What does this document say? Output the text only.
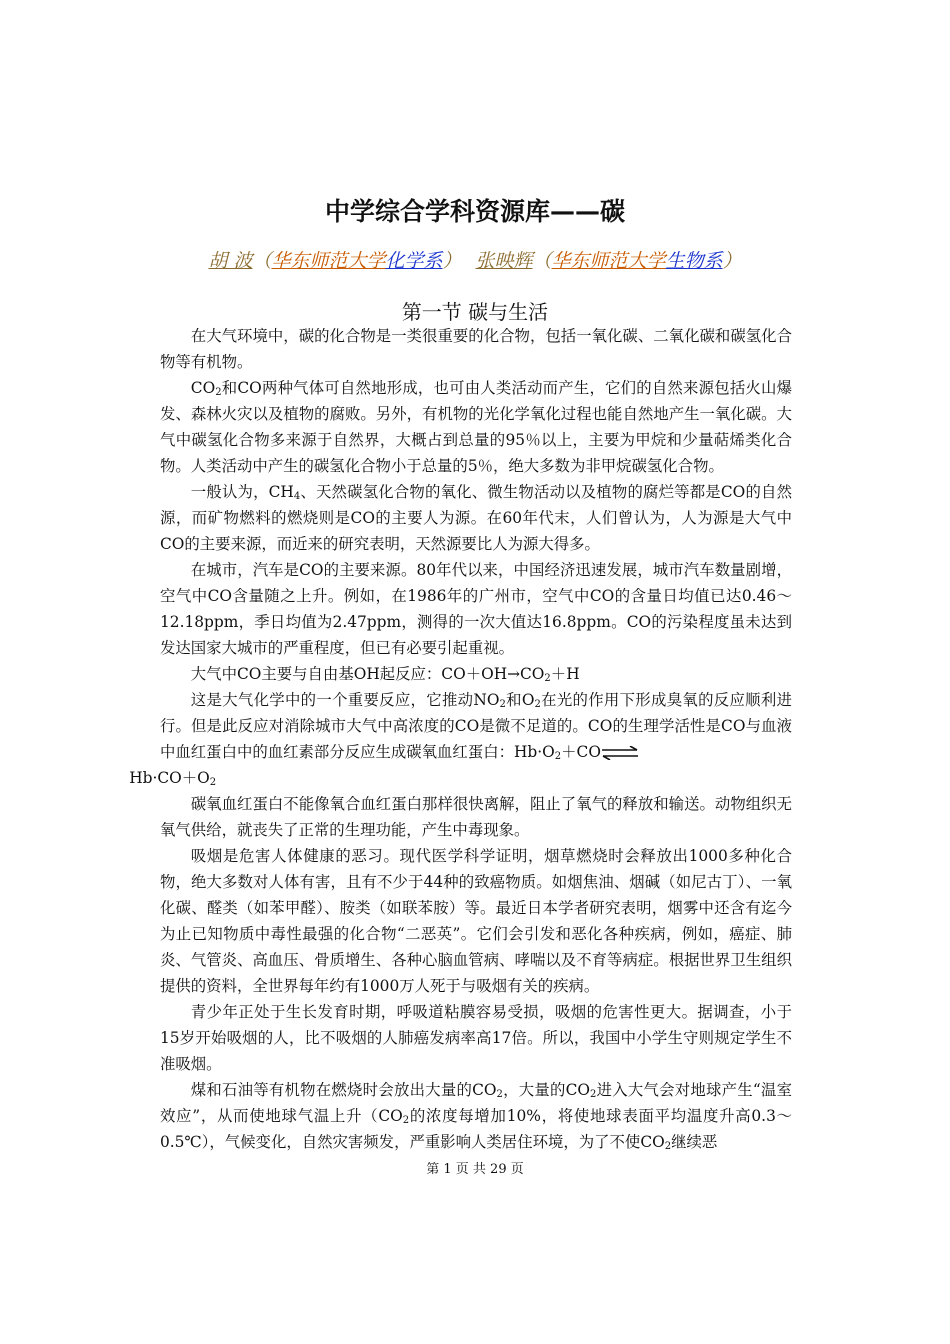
中学综合学科资源库——碳
胡 波（华东师范大学化学系） 张映辉（华东师范大学生物系）
第一节 碳与生活

在大气环境中，碳的化合物是一类很重要的化合物，包括一氧化碳、二氧化碳和碳氢化合物等有机物。

$CO_2$和CO两种气体可自然地形成，也可由人类活动而产生，它们的自然来源包括火山爆发、森林火灾以及植物的腐败。另外，有机物的光化学氧化过程也能自然地产生一氧化碳。大气中碳氢化合物多来源于自然界，大概占到总量的95％以上，主要为甲烷和少量萜烯类化合物。人类活动中产生的碳氢化合物小于总量的5％，绝大多数为非甲烷碳氢化合物。

一般认为，$CH_4$、天然碳氢化合物的氧化、微生物活动以及植物的腐烂等都是CO的自然源，而矿物燃料的燃烧则是CO的主要人为源。在60年代末，人们曾认为，人为源是大气中CO的主要来源，而近来的研究表明，天然源要比人为源大得多。

在城市，汽车是CO的主要来源。80年代以来，中国经济迅速发展，城市汽车数量剧增，空气中CO含量随之上升。例如，在1986年的广州市，空气中CO的含量日均值已达0.46～12.18ppm，季日均值为2.47ppm，测得的一次大值达16.8ppm。CO的污染程度虽未达到发达国家大城市的严重程度，但已有必要引起重视。

大气中CO主要与自由基OH起反应：$CO+OH\to CO_2+H$

这是大气化学中的一个重要反应，它推动$NO_2$和$O_2$在光的作用下形成臭氧的反应顺利进行。但是此反应对消除城市大气中高浓度的CO是微不足道的。CO的生理学活性是CO与血液中血红蛋白中的血红素部分反应生成碳氧血红蛋白：$Hb\cdot O_2+CO\rightleftharpoons$
$Hb\cdot CO+O_2$

碳氧血红蛋白不能像氧合血红蛋白那样很快离解，阻止了氧气的释放和输送。动物组织无氧气供给，就丧失了正常的生理功能，产生中毒现象。

吸烟是危害人体健康的恶习。现代医学科学证明，烟草燃烧时会释放出1000多种化合物，绝大多数对人体有害，且有不少于44种的致癌物质。如烟焦油、烟碱（如尼古丁）、一氧化碳、醛类（如苯甲醛）、胺类（如联苯胺）等。最近日本学者研究表明，烟雾中还含有迄今为止已知物质中毒性最强的化合物“二恶英”。它们会引发和恶化各种疾病，例如，癌症、肺炎、气管炎、高血压、骨质增生、各种心脑血管病、哮喘以及不育等病症。根据世界卫生组织提供的资料，全世界每年约有1000万人死于与吸烟有关的疾病。

青少年正处于生长发育时期，呼吸道粘膜容易受损，吸烟的危害性更大。据调查，小于15岁开始吸烟的人，比不吸烟的人肺癌发病率高17倍。所以，我国中小学生守则规定学生不准吸烟。

煤和石油等有机物在燃烧时会放出大量的$CO_2$，大量的$CO_2$进入大气会对地球产生“温室效应”，从而使地球气温上升（$CO_2$的浓度每增加10%，将使地球表面平均温度升高0.3～0.5℃），气候变化，自然灾害频发，严重影响人类居住环境，为了不使$CO_2$继续恶

第 1 页 共 29 页
